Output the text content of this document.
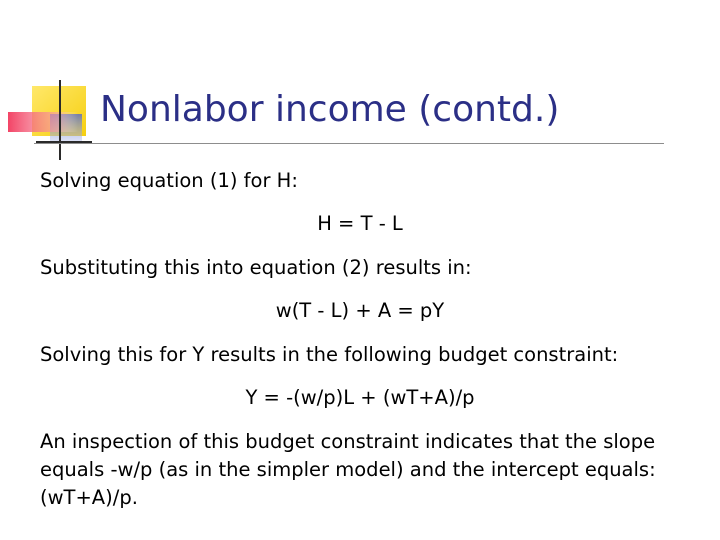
Nonlabor income (contd.)

Solving equation (1) for H:

H = T - L

Substituting this into equation (2) results in:

w(T - L) + A = pY

Solving this for Y results in the following budget constraint:

Y = -(w/p)L + (wT+A)/p

An inspection of this budget constraint indicates that the slope equals -w/p (as in the simpler model) and the intercept equals: (wT+A)/p.
